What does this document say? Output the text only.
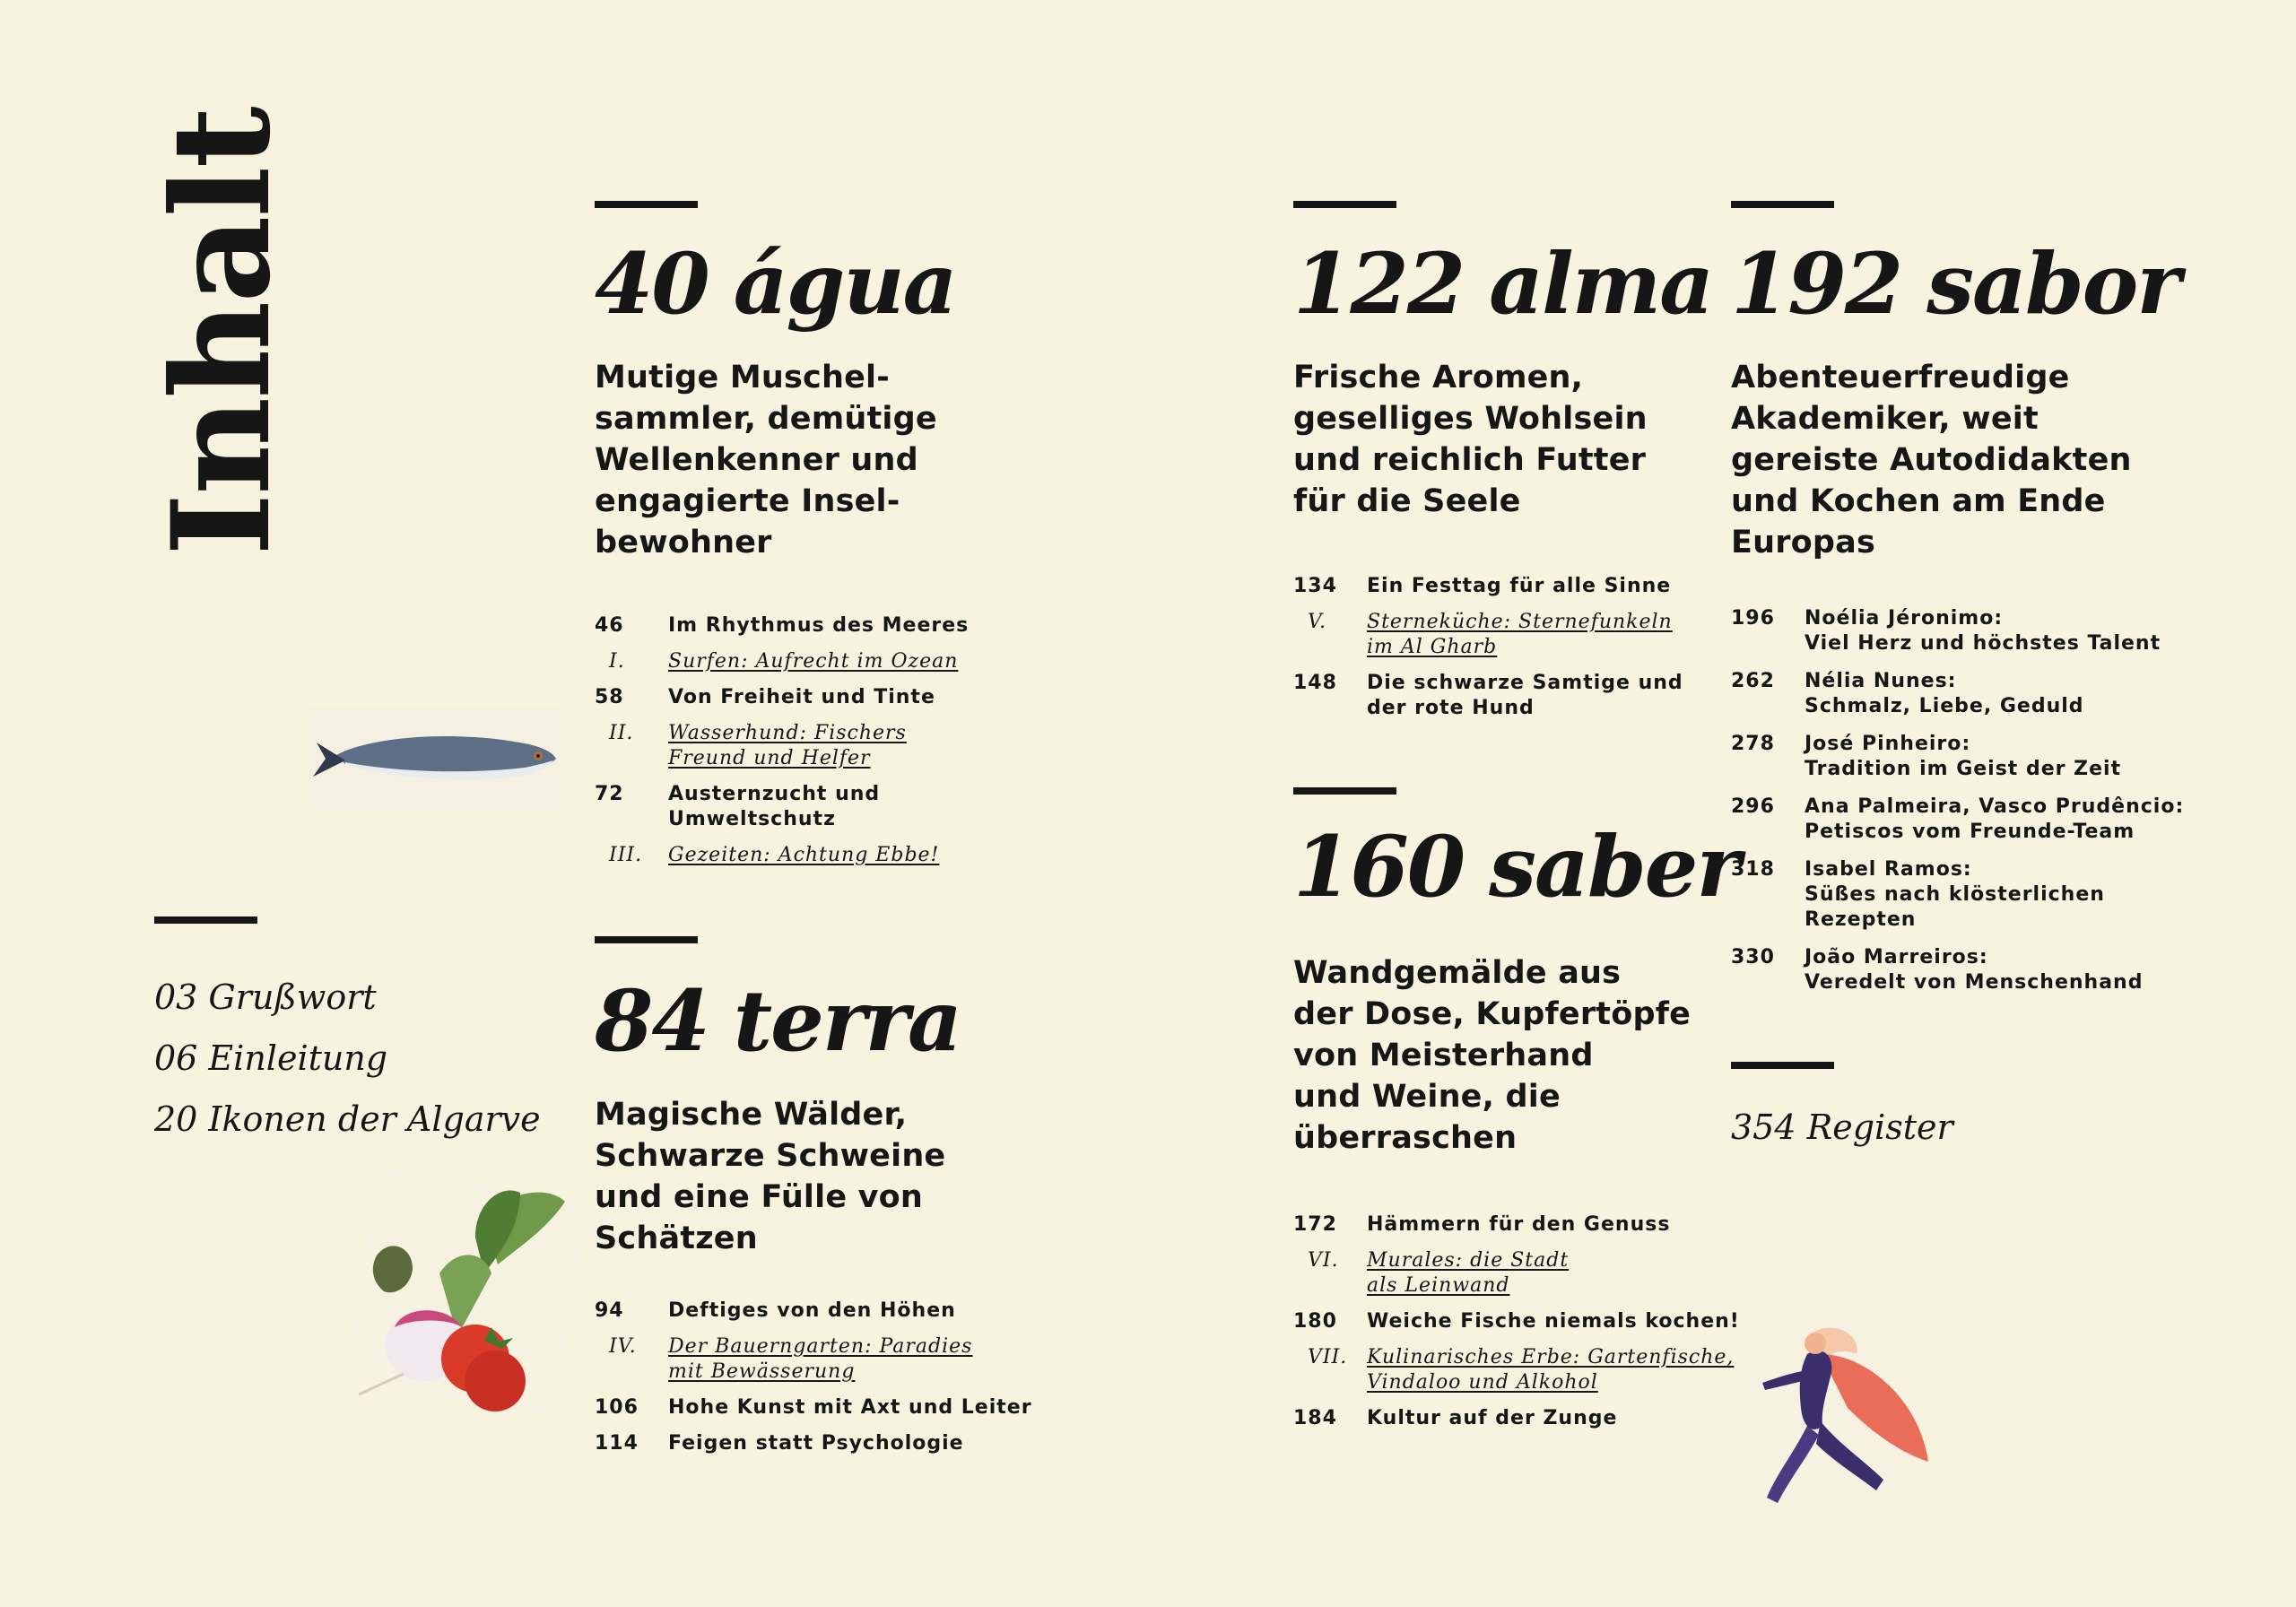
Inhalt
03 Grußwort
06 Einleitung
20 Ikonen der Algarve
40 água
Mutige Muschel-
sammler, demütige
Wellenkenner und
engagierte Insel-
bewohner
46	Im Rhythmus des Meeres
I.	Surfen: Aufrecht im Ozean
58	Von Freiheit und Tinte
II.	Wasserhund: Fischers
Freund und Helfer
72	Austernzucht und
Umweltschutz
III.	Gezeiten: Achtung Ebbe!
84 terra
Magische Wälder,
Schwarze Schweine
und eine Fülle von
Schätzen
94	Deftiges von den Höhen
IV.	Der Bauerngarten: Paradies
mit Bewässerung
106	Hohe Kunst mit Axt und Leiter
114	Feigen statt Psychologie
122 alma
Frische Aromen,
geselliges Wohlsein
und reichlich Futter
für die Seele
134	Ein Festtag für alle Sinne
V.	Sterneküche: Sternefunkeln
im Al Gharb
148	Die schwarze Samtige und
der rote Hund
160 saber
Wandgemälde aus
der Dose, Kupfertöpfe
von Meisterhand
und Weine, die
überraschen
172	Hämmern für den Genuss
VI.	Murales: die Stadt
als Leinwand
180	Weiche Fische niemals kochen!
VII. Kulinarisches Erbe: Gartenfische,
Vindaloo und Alkohol
184	Kultur auf der Zunge
192 sabor
Abenteuerfreudige
Akademiker, weit
gereiste Autodidakten
und Kochen am Ende
Europas
196	Noélia Jéronimo:
Viel Herz und höchstes Talent
262	Nélia Nunes:
Schmalz, Liebe, Geduld
278	José Pinheiro:
Tradition im Geist der Zeit
296	Ana Palmeira, Vasco Prudêncio:
Petiscos vom Freunde-Team
318	Isabel Ramos:
Süßes nach klösterlichen
Rezepten
330	João Marreiros:
Veredelt von Menschenhand
354 Register
